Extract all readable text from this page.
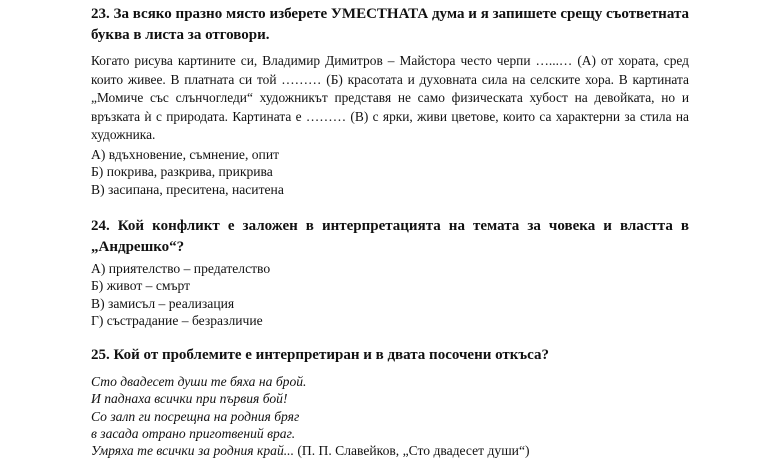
23. За всяко празно място изберете УМЕСТНАТА дума и я запишете срещу съответната буква в листа за отговори.
Когато рисува картините си, Владимир Димитров – Майстора често черпи …...… (А) от хората, сред които живее. В платната си той ……… (Б) красотата и духовната сила на селските хора. В картината „Момиче със слънчогледи“ художникът представя не само физическата хубост на девойката, но и връзката ѝ с природата. Картината е ……… (В) с ярки, живи цветове, които са характерни за стила на художника.
А) вдъхновение, съмнение, опит
Б) покрива, разкрива, прикрива
В) засипана, преситена, наситена
24. Кой конфликт е заложен в интерпретацията на темата за човека и властта в „Андрешко“?
А) приятелство – предателство
Б) живот – смърт
В) замисъл – реализация
Г) състрадание – безразличие
25. Кой от проблемите е интерпретиран и в двата посочени откъса?
Сто двадесет души те бяха на брой.
И паднаха всички при първия бой!
Со залп ги посрещна на родния бряг
в засада отрано приготвений враг.
Умряха те всички за родния край... (П. П. Славейков, „Сто двадесет души“)
